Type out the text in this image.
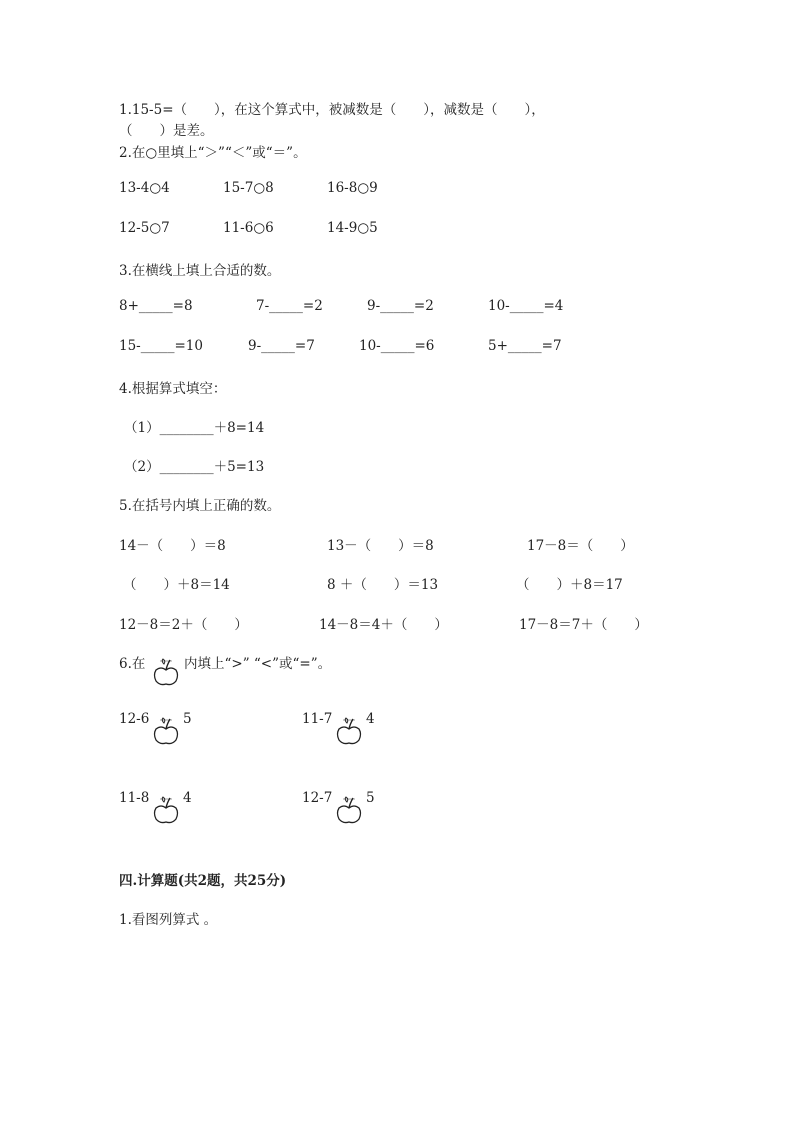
1.15-5=（　　），在这个算式中，被减数是（　　），减数是（　　），
（　　）是差。
2.在○里填上“＞”“＜”或“＝”。
13-4○4	15-7○8	16-8○9
12-5○7	11-6○6	14-9○5
3.在横线上填上合适的数。
8+_____=8	7-_____=2	9-_____=2	10-_____=4
15-_____=10	9-_____=7	10-_____=6	5+_____=7
4.根据算式填空：
（1）________＋8=14
（2）________＋5=13
5.在括号内填上正确的数。
14－（　　）＝8	13－（　　）＝8	17－8＝（　　）
（　　）＋8＝14	8 ＋（　　）＝13	（　　）＋8＝17
12－8＝2＋（　　）	14－8＝4＋（　　）	17－8＝7＋（　　）
6.在	内填上“>” “<”或“=”。
12-6 5	11-7 4
11-8 4	12-7 5
四.计算题(共2题，共25分)
1.看图列算式 。
